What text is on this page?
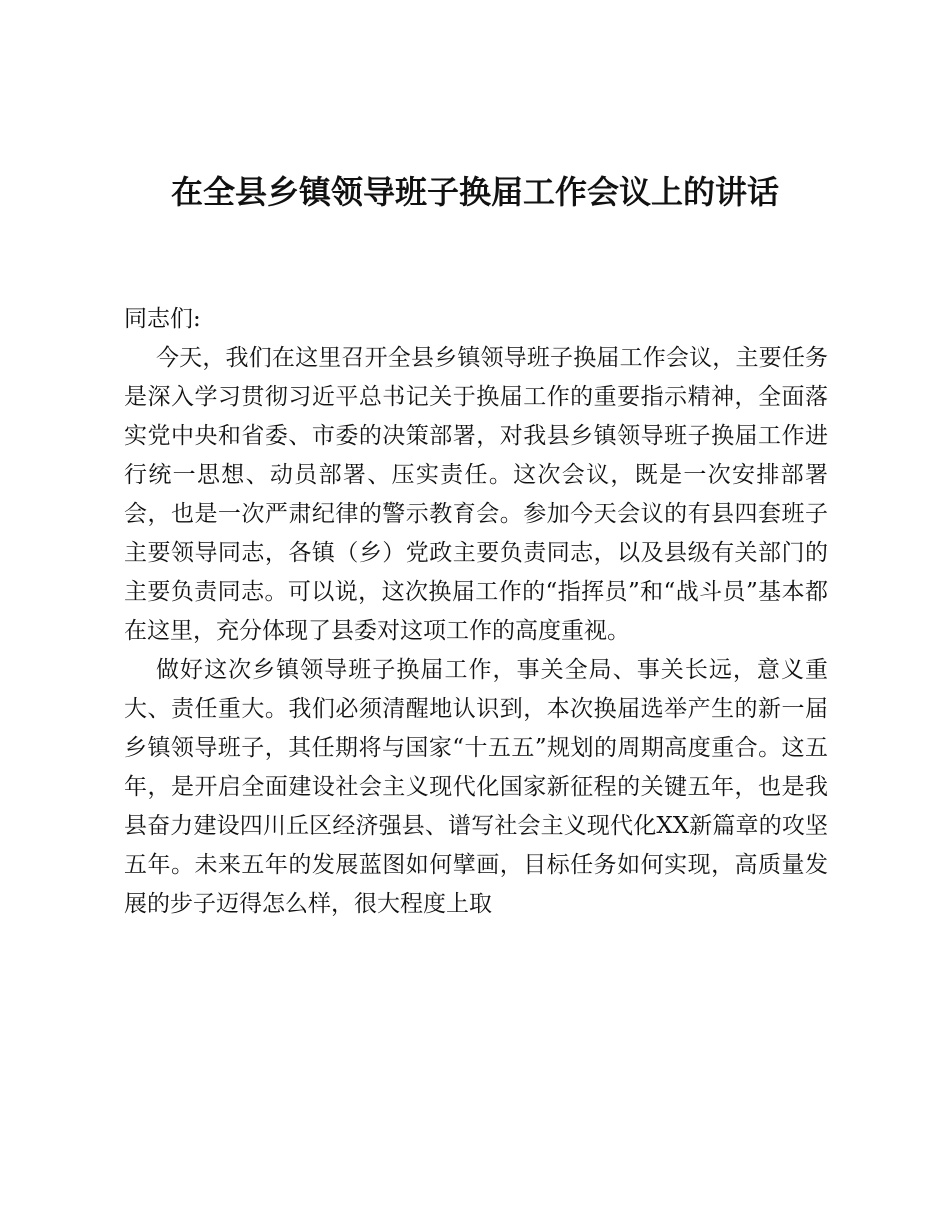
在全县乡镇领导班子换届工作会议上的讲话

同志们:

今天，我们在这里召开全县乡镇领导班子换届工作会议，主要任务是深入学习贯彻习近平总书记关于换届工作的重要指示精神，全面落实党中央和省委、市委的决策部署，对我县乡镇领导班子换届工作进行统一思想、动员部署、压实责任。这次会议，既是一次安排部署会，也是一次严肃纪律的警示教育会。参加今天会议的有县四套班子主要领导同志，各镇（乡）党政主要负责同志，以及县级有关部门的主要负责同志。可以说，这次换届工作的“指挥员”和“战斗员”基本都在这里，充分体现了县委对这项工作的高度重视。

做好这次乡镇领导班子换届工作，事关全局、事关长远，意义重大、责任重大。我们必须清醒地认识到，本次换届选举产生的新一届乡镇领导班子，其任期将与国家“十五五”规划的周期高度重合。这五年，是开启全面建设社会主义现代化国家新征程的关键五年，也是我县奋力建设四川丘区经济强县、谱写社会主义现代化XX新篇章的攻坚五年。未来五年的发展蓝图如何擘画，目标任务如何实现，高质量发展的步子迈得怎么样，很大程度上取
